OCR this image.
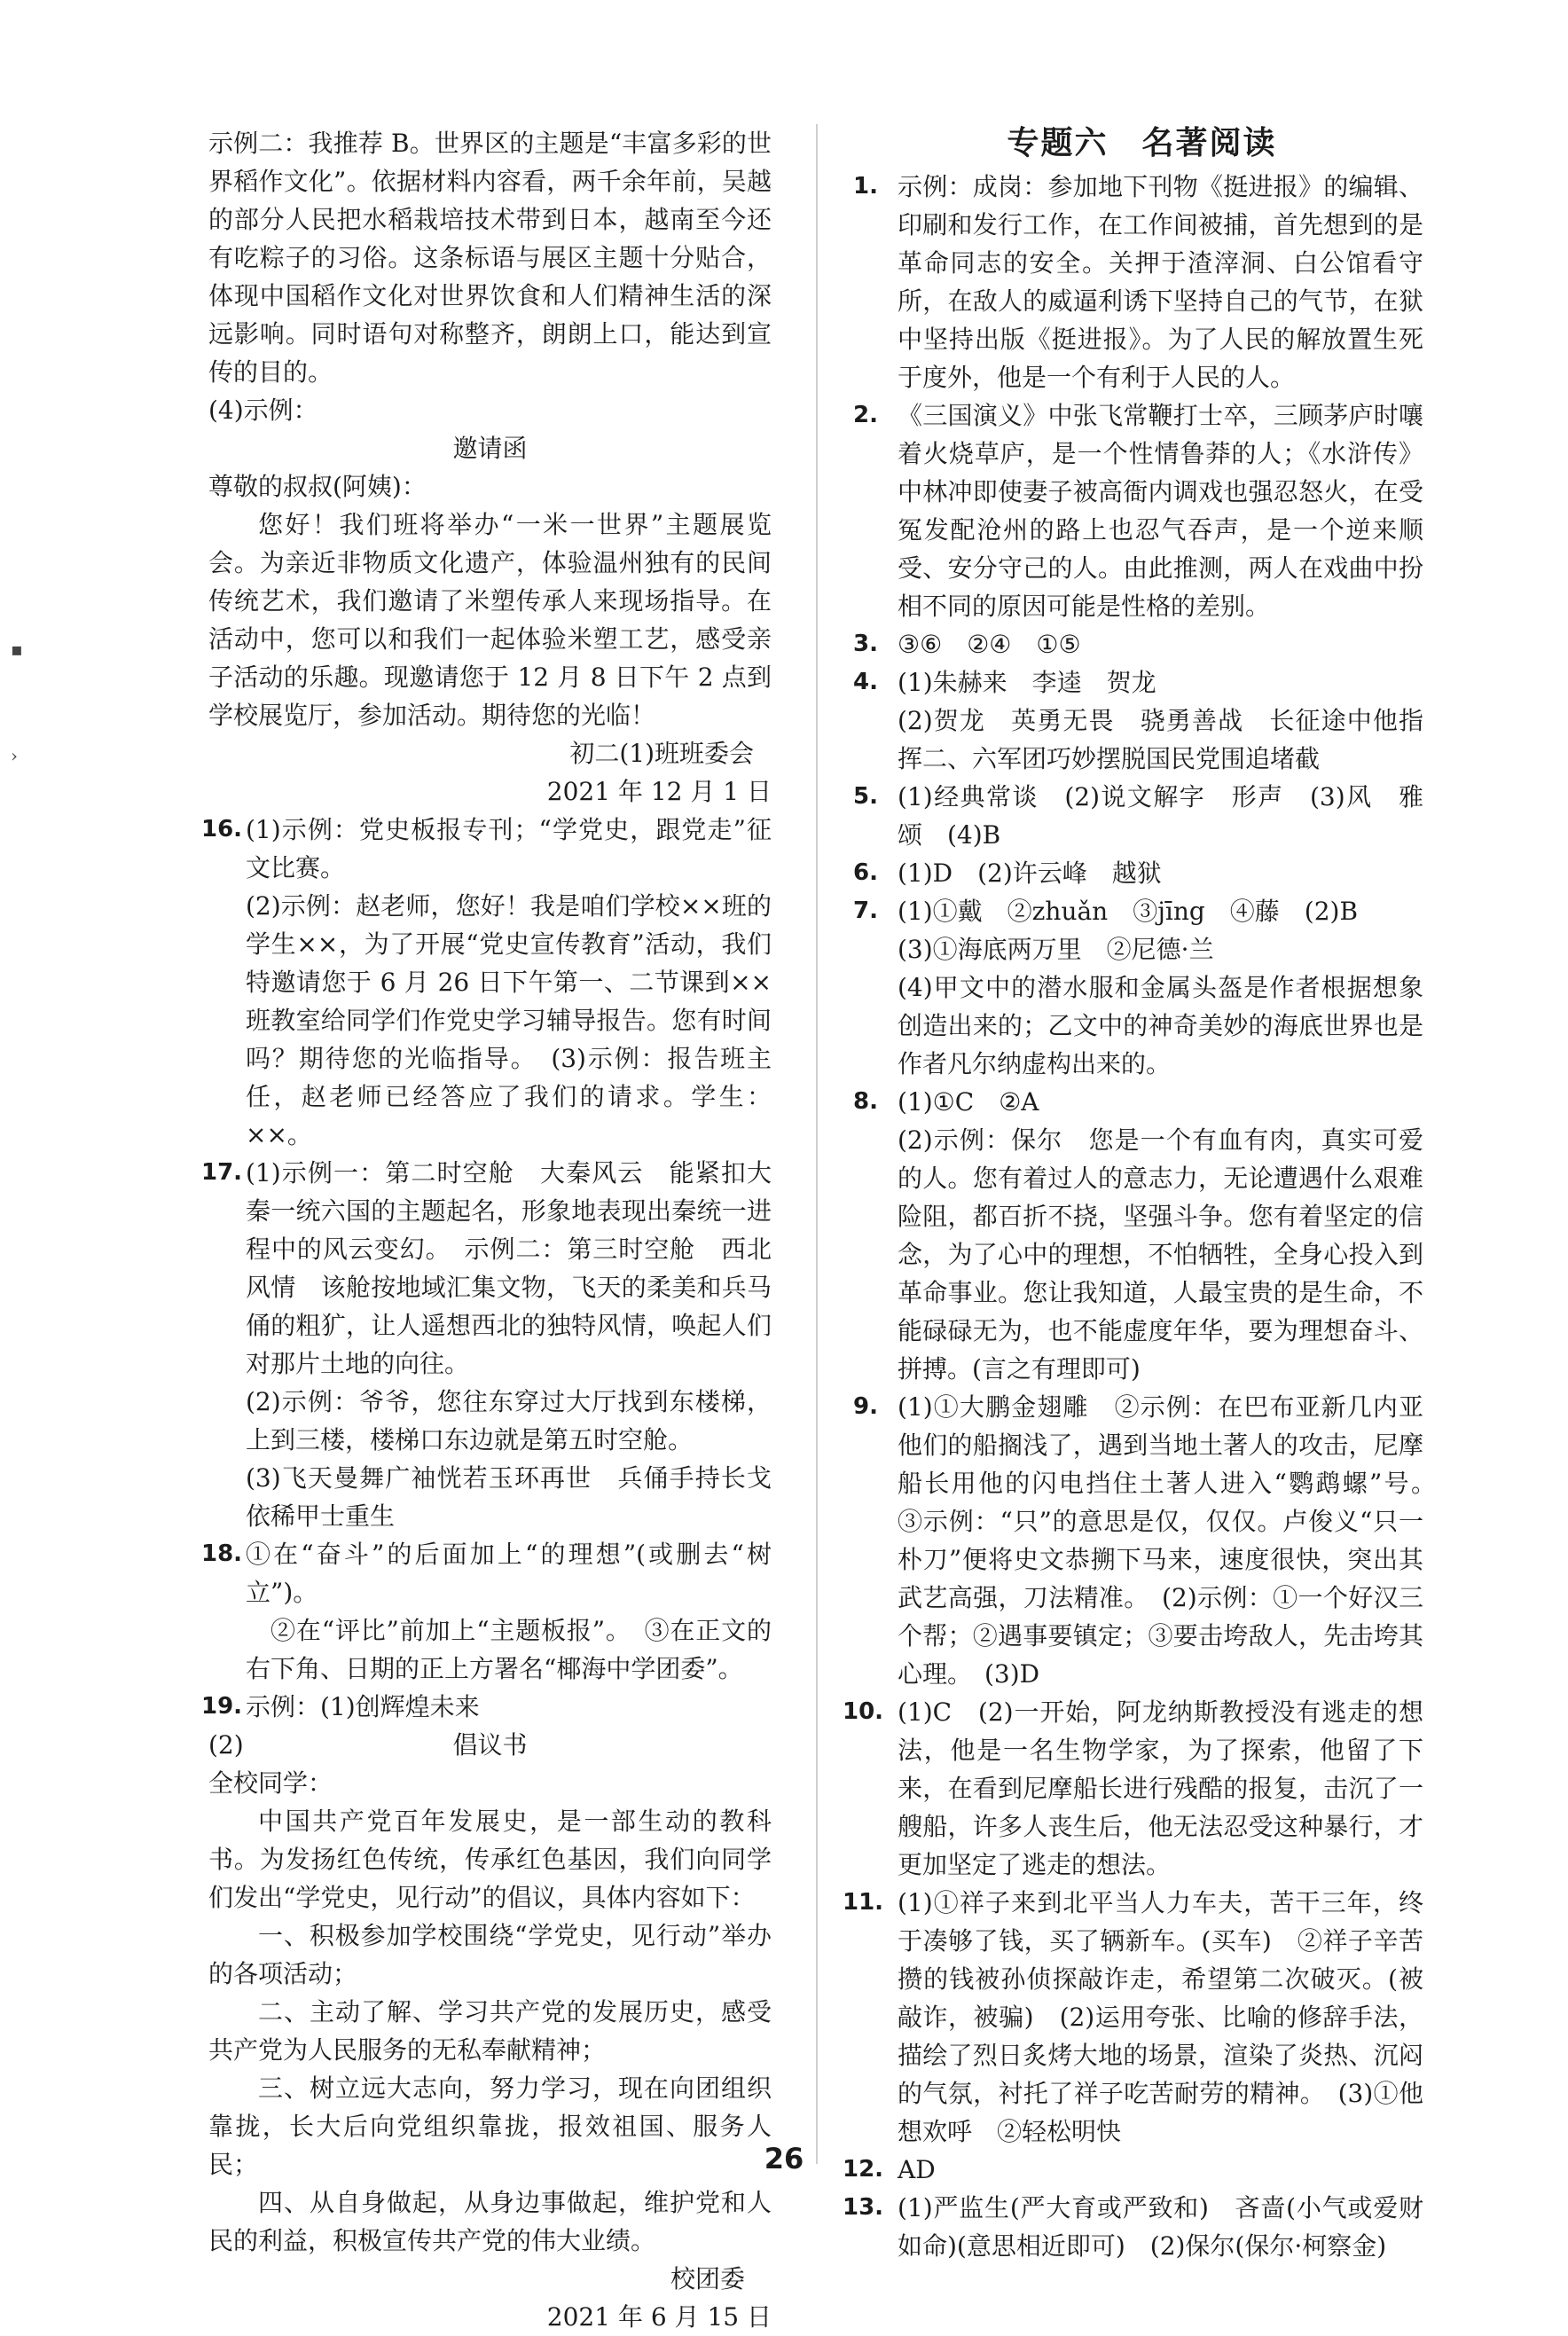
▪
›

示例二：我推荐 B。世界区的主题是“丰富多彩的世界稻作文化”。依据材料内容看，两千余年前，吴越的部分人民把水稻栽培技术带到日本，越南至今还有吃粽子的习俗。这条标语与展区主题十分贴合，体现中国稻作文化对世界饮食和人们精神生活的深远影响。同时语句对称整齐，朗朗上口，能达到宣传的目的。

(4)示例：

邀请函

尊敬的叔叔(阿姨)：

您好！我们班将举办“一米一世界”主题展览会。为亲近非物质文化遗产，体验温州独有的民间传统艺术，我们邀请了米塑传承人来现场指导。在活动中，您可以和我们一起体验米塑工艺，感受亲子活动的乐趣。现邀请您于 12 月 8 日下午 2 点到学校展览厅，参加活动。期待您的光临！

初二(1)班班委会

2021 年 12 月 1 日

16. (1)示例：党史板报专刊；“学党史，跟党走”征文比赛。

(2)示例：赵老师，您好！我是咱们学校××班的学生××，为了开展“党史宣传教育”活动，我们特邀请您于 6 月 26 日下午第一、二节课到××班教室给同学们作党史学习辅导报告。您有时间吗？期待您的光临指导。　(3)示例：报告班主任，赵老师已经答应了我们的请求。学生：××。

17. (1)示例一：第二时空舱　大秦风云　能紧扣大秦一统六国的主题起名，形象地表现出秦统一进程中的风云变幻。　示例二：第三时空舱　西北风情　该舱按地域汇集文物，飞天的柔美和兵马俑的粗犷，让人遥想西北的独特风情，唤起人们对那片土地的向往。

(2)示例：爷爷，您往东穿过大厅找到东楼梯，上到三楼，楼梯口东边就是第五时空舱。

(3)飞天曼舞广袖恍若玉环再世　兵俑手持长戈依稀甲士重生

18. ①在“奋斗”的后面加上“的理想”(或删去“树立”)。

②在“评比”前加上“主题板报”。　③在正文的右下角、日期的正上方署名“椰海中学团委”。

19. 示例：(1)创辉煌未来

(2)	倡议书

全校同学：

中国共产党百年发展史，是一部生动的教科书。为发扬红色传统，传承红色基因，我们向同学们发出“学党史，见行动”的倡议，具体内容如下：

一、积极参加学校围绕“学党史，见行动”举办的各项活动；

二、主动了解、学习共产党的发展历史，感受共产党为人民服务的无私奉献精神；

三、树立远大志向，努力学习，现在向团组织靠拢，长大后向党组织靠拢，报效祖国、服务人民；

四、从自身做起，从身边事做起，维护党和人民的利益，积极宣传共产党的伟大业绩。

校团委

2021 年 6 月 15 日

专题六　名著阅读

1. 示例：成岗：参加地下刊物《挺进报》的编辑、印刷和发行工作，在工作间被捕，首先想到的是革命同志的安全。关押于渣滓洞、白公馆看守所，在敌人的威逼利诱下坚持自己的气节，在狱中坚持出版《挺进报》。为了人民的解放置生死于度外，他是一个有利于人民的人。

2. 《三国演义》中张飞常鞭打士卒，三顾茅庐时嚷着火烧草庐，是一个性情鲁莽的人；《水浒传》中林冲即使妻子被高衙内调戏也强忍怒火，在受冤发配沧州的路上也忍气吞声，是一个逆来顺受、安分守己的人。由此推测，两人在戏曲中扮相不同的原因可能是性格的差别。

3. ③⑥　②④　①⑤

4. (1)朱赫来　李逵　贺龙

(2)贺龙　英勇无畏　骁勇善战　长征途中他指挥二、六军团巧妙摆脱国民党围追堵截

5. (1)经典常谈　(2)说文解字　形声　(3)风　雅　颂　(4)B

6. (1)D　(2)许云峰　越狱

7. (1)①戴　②zhuǎn　③jīng　④藤　(2)B

(3)①海底两万里　②尼德·兰

(4)甲文中的潜水服和金属头盔是作者根据想象创造出来的；乙文中的神奇美妙的海底世界也是作者凡尔纳虚构出来的。

8. (1)①C　②A

(2)示例：保尔　您是一个有血有肉，真实可爱的人。您有着过人的意志力，无论遭遇什么艰难险阻，都百折不挠，坚强斗争。您有着坚定的信念，为了心中的理想，不怕牺牲，全身心投入到革命事业。您让我知道，人最宝贵的是生命，不能碌碌无为，也不能虚度年华，要为理想奋斗、拼搏。(言之有理即可)

9. (1)①大鹏金翅雕　②示例：在巴布亚新几内亚他们的船搁浅了，遇到当地土著人的攻击，尼摩船长用他的闪电挡住土著人进入“鹦鹉螺”号。　③示例：“只”的意思是仅，仅仅。卢俊义“只一朴刀”便将史文恭搠下马来，速度很快，突出其武艺高强，刀法精准。　(2)示例：①一个好汉三个帮；②遇事要镇定；③要击垮敌人，先击垮其心理。　(3)D

10. (1)C　(2)一开始，阿龙纳斯教授没有逃走的想法，他是一名生物学家，为了探索，他留了下来，在看到尼摩船长进行残酷的报复，击沉了一艘船，许多人丧生后，他无法忍受这种暴行，才更加坚定了逃走的想法。

11. (1)①祥子来到北平当人力车夫，苦干三年，终于凑够了钱，买了辆新车。(买车)　②祥子辛苦攒的钱被孙侦探敲诈走，希望第二次破灭。(被敲诈，被骗)　(2)运用夸张、比喻的修辞手法，描绘了烈日炙烤大地的场景，渲染了炎热、沉闷的气氛，衬托了祥子吃苦耐劳的精神。　(3)①他想欢呼　②轻松明快

12. AD

13. (1)严监生(严大育或严致和)　吝啬(小气或爱财如命)(意思相近即可)　(2)保尔(保尔·柯察金)

26
